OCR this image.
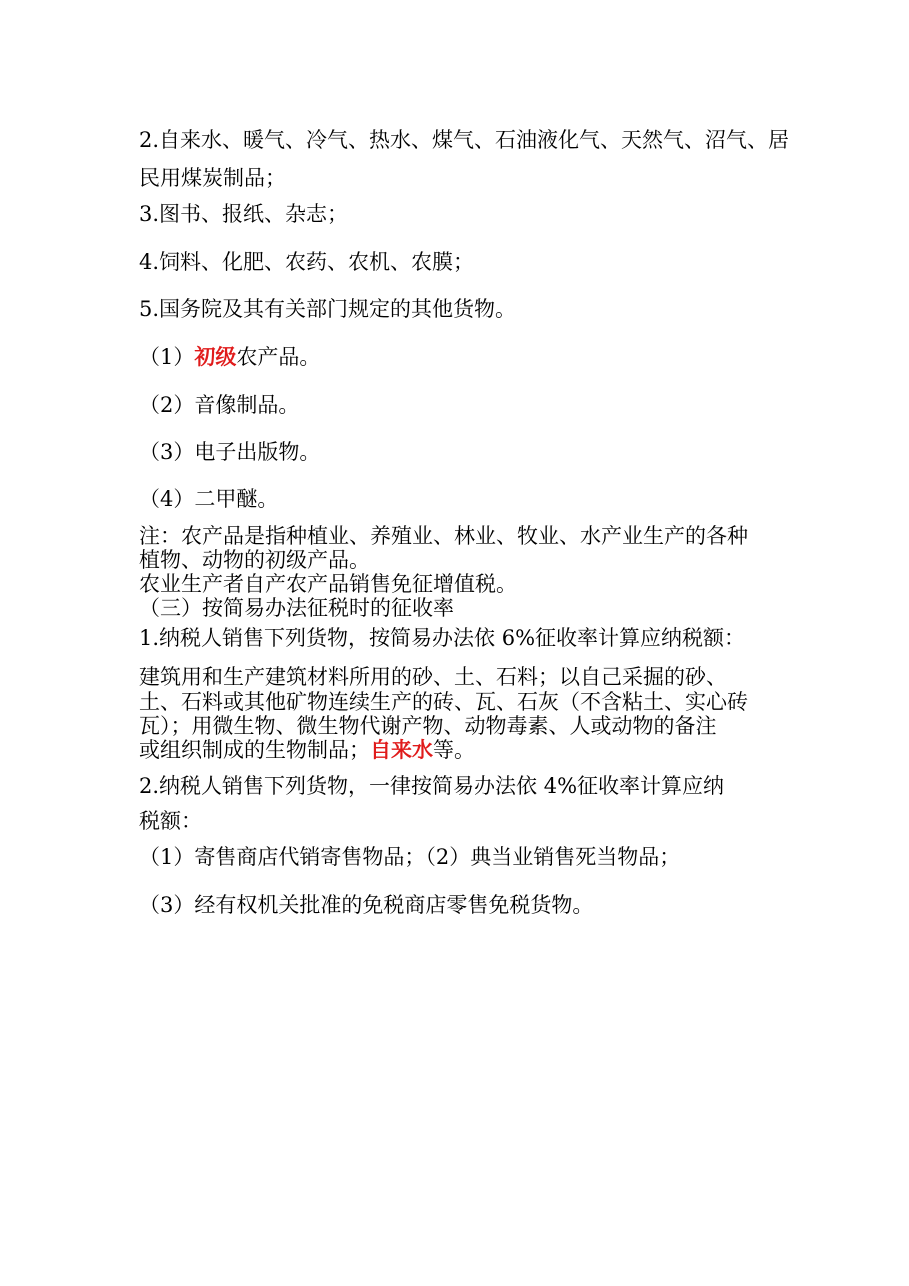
2.自来水、暖气、冷气、热水、煤气、石油液化气、天然气、沼气、居

民用煤炭制品；

3.图书、报纸、杂志；

4.饲料、化肥、农药、农机、农膜；

5.国务院及其有关部门规定的其他货物。

（1）初级农产品。

（2）音像制品。

（3）电子出版物。

（4）二甲醚。

注：农产品是指种植业、养殖业、林业、牧业、水产业生产的各种

植物、动物的初级产品。

农业生产者自产农产品销售免征增值税。

（三）按简易办法征税时的征收率

1.纳税人销售下列货物，按简易办法依 6%征收率计算应纳税额：

建筑用和生产建筑材料所用的砂、土、石料；以自己采掘的砂、

土、石料或其他矿物连续生产的砖、瓦、石灰（不含粘土、实心砖

瓦）；用微生物、微生物代谢产物、动物毒素、人或动物的备注

或组织制成的生物制品；自来水等。

2.纳税人销售下列货物，一律按简易办法依 4%征收率计算应纳

税额：

（1）寄售商店代销寄售物品；（2）典当业销售死当物品；

（3）经有权机关批准的免税商店零售免税货物。
